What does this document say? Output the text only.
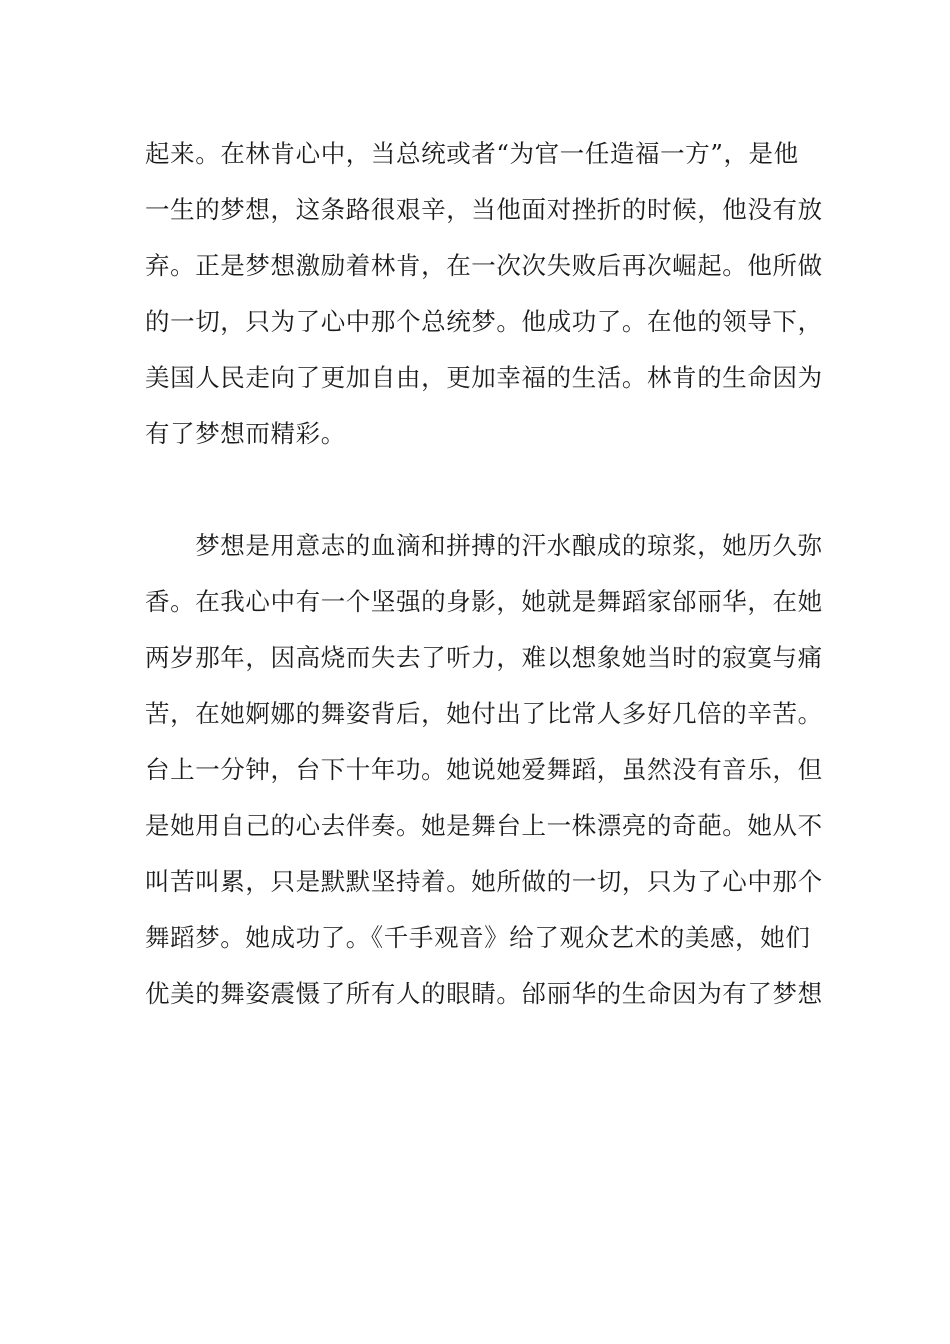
起来。在林肯心中，当总统或者“为官一任造福一方”，是他
一生的梦想，这条路很艰辛，当他面对挫折的时候，他没有放
弃。正是梦想激励着林肯，在一次次失败后再次崛起。他所做
的一切，只为了心中那个总统梦。他成功了。在他的领导下，
美国人民走向了更加自由，更加幸福的生活。林肯的生命因为
有了梦想而精彩。
　　梦想是用意志的血滴和拼搏的汗水酿成的琼浆，她历久弥
香。在我心中有一个坚强的身影，她就是舞蹈家邰丽华，在她
两岁那年，因高烧而失去了听力，难以想象她当时的寂寞与痛
苦，在她婀娜的舞姿背后，她付出了比常人多好几倍的辛苦。
台上一分钟，台下十年功。她说她爱舞蹈，虽然没有音乐，但
是她用自己的心去伴奏。她是舞台上一株漂亮的奇葩。她从不
叫苦叫累，只是默默坚持着。她所做的一切，只为了心中那个
舞蹈梦。她成功了。《千手观音》给了观众艺术的美感，她们
优美的舞姿震慑了所有人的眼睛。邰丽华的生命因为有了梦想
